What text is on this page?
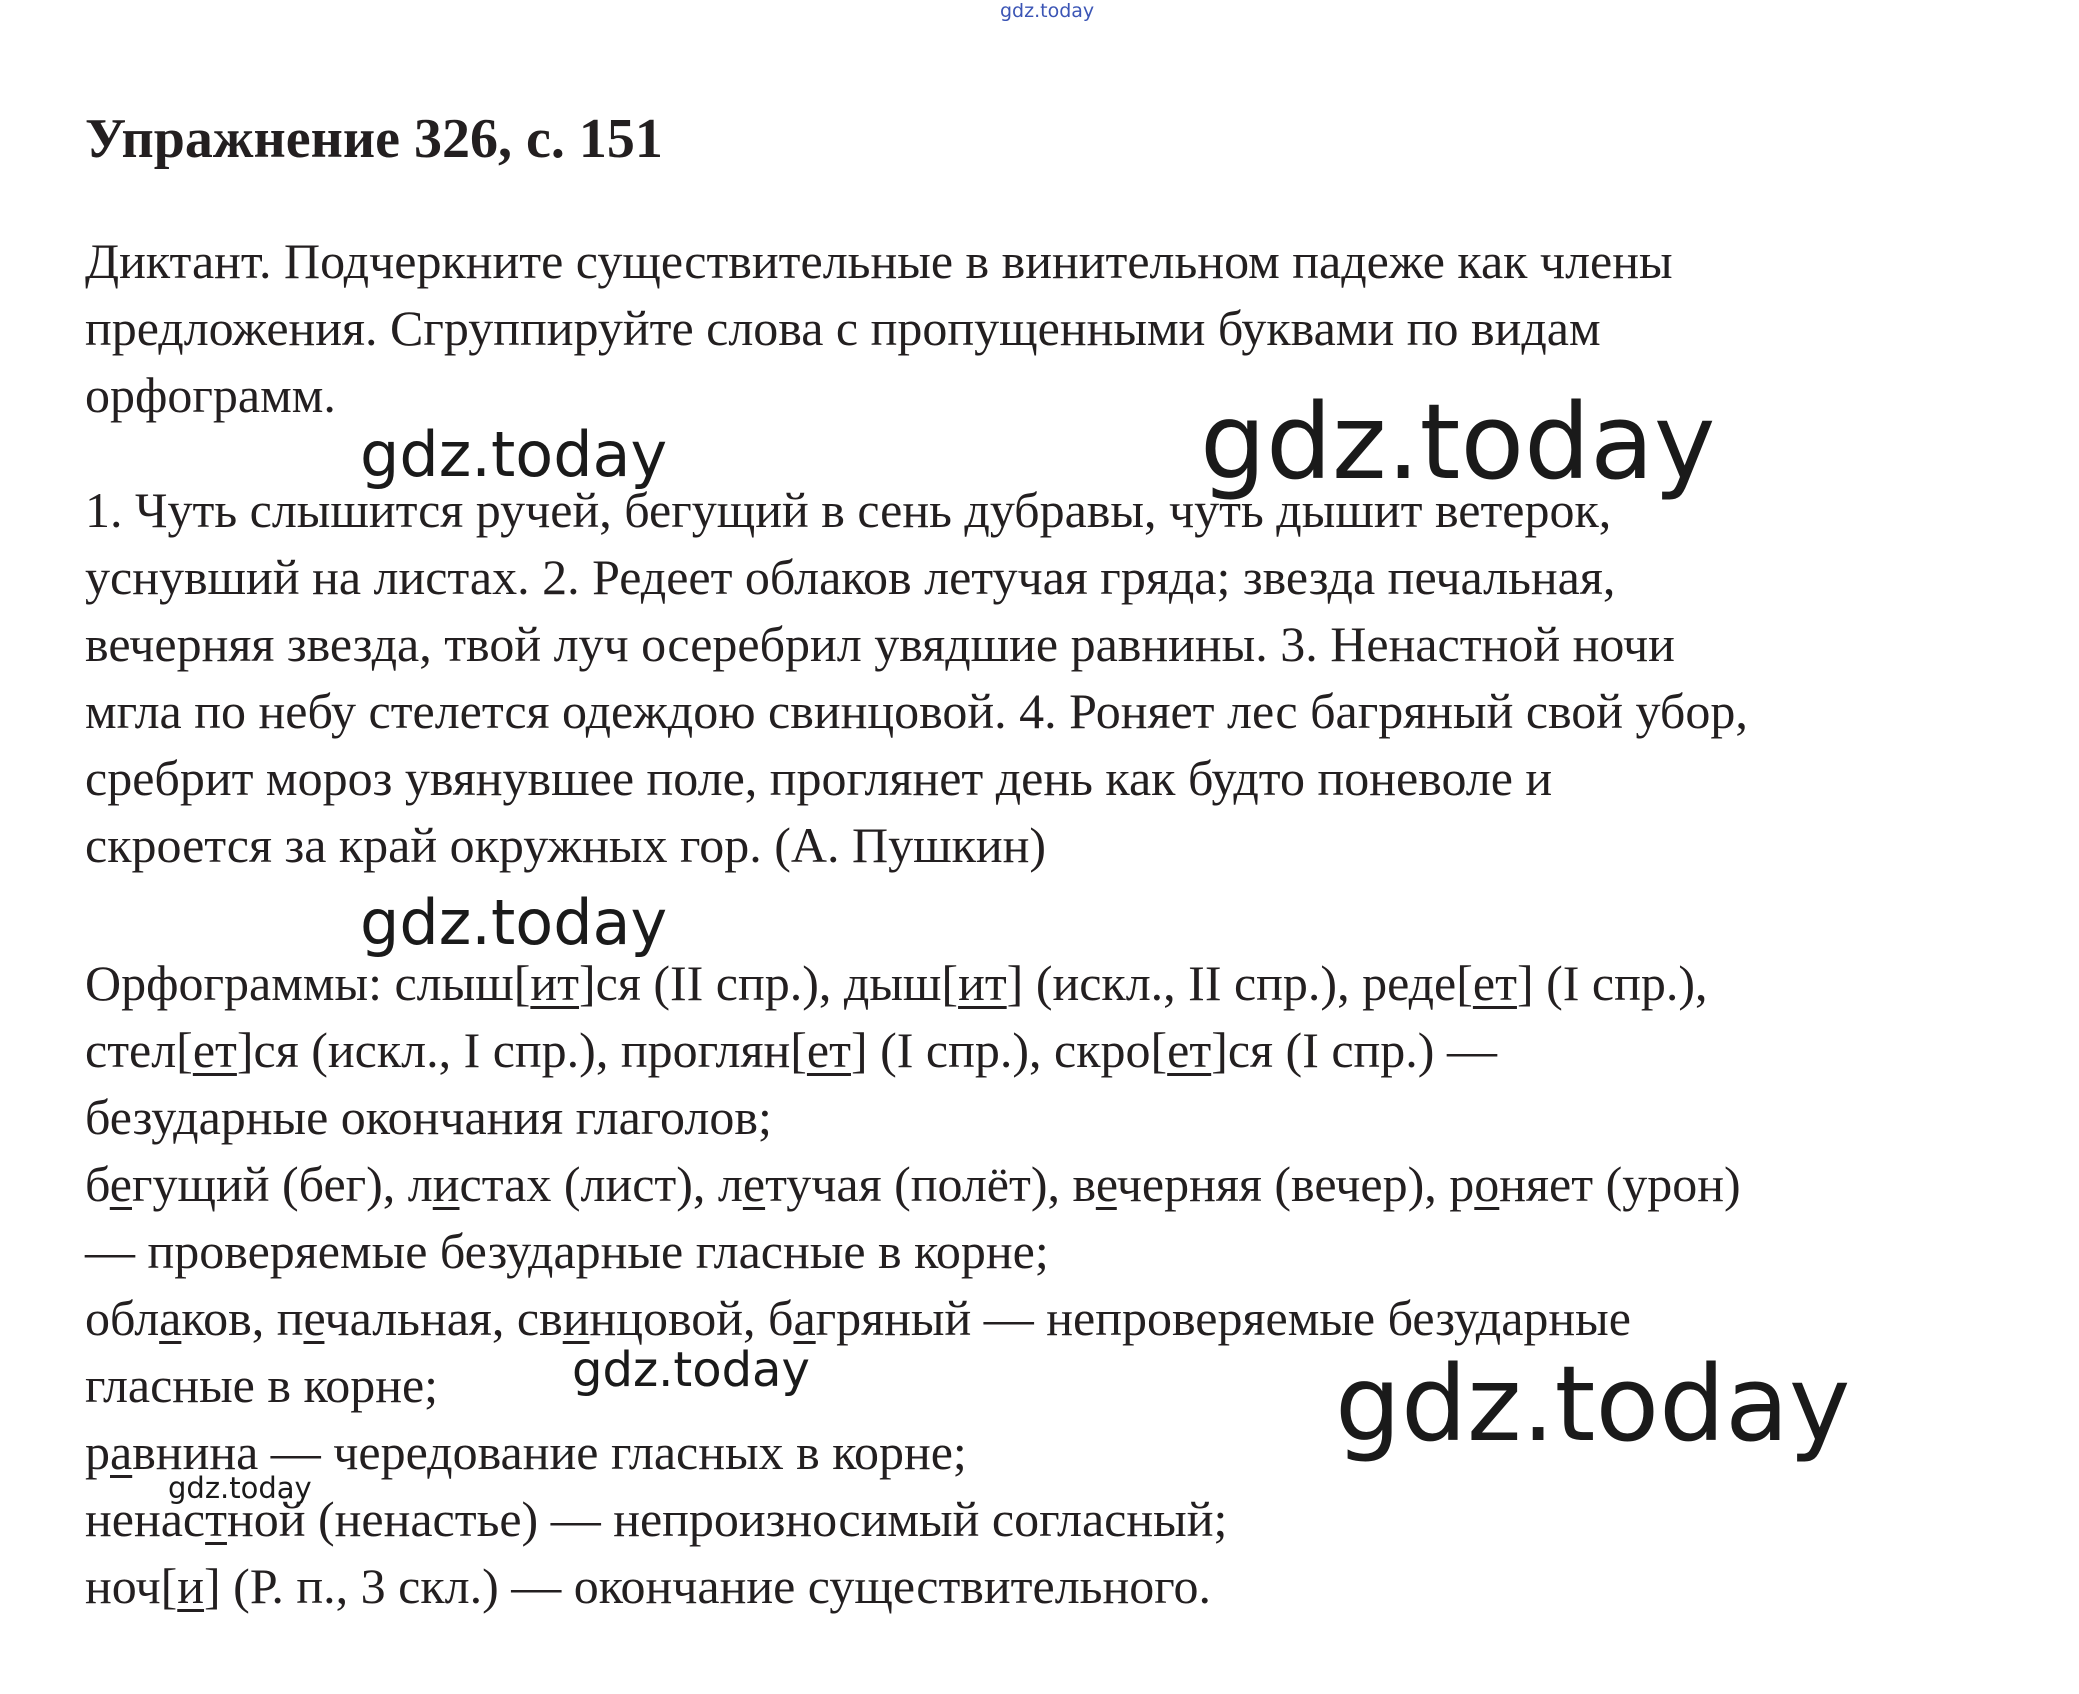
gdz.today
Упражнение 326, с. 151
Диктант. Подчеркните существительные в винительном падеже как члены
предложения. Сгруппируйте слова с пропущенными буквами по видам
орфограмм.
1. Чуть слышится ручей, бегущий в сень дубравы, чуть дышит ветерок,
уснувший на листах. 2. Редеет облаков летучая гряда; звезда печальная,
вечерняя звезда, твой луч осеребрил увядшие равнины. 3. Ненастной ночи
мгла по небу стелется одеждою свинцовой. 4. Роняет лес багряный свой убор,
сребрит мороз увянувшее поле, проглянет день как будто поневоле и
скроется за край окружных гор. (А. Пушкин)
Орфограммы: слыш[ит]ся (II спр.), дыш[ит] (искл., II спр.), реде[ет] (I спр.),
стел[ет]ся (искл., I спр.), проглян[ет] (I спр.), скро[ет]ся (I спр.) —
безударные окончания глаголов;
бегущий (бег), листах (лист), летучая (полёт), вечерняя (вечер), роняет (урон)
— проверяемые безударные гласные в корне;
облаков, печальная, свинцовой, багряный — непроверяемые безударные
гласные в корне;
равнина — чередование гласных в корне;
ненастной (ненастье) — непроизносимый согласный;
ноч[и] (Р. п., 3 скл.) — окончание существительного.
gdz.today	gdz.today
gdz.today
gdz.today	gdz.today
gdz.today
